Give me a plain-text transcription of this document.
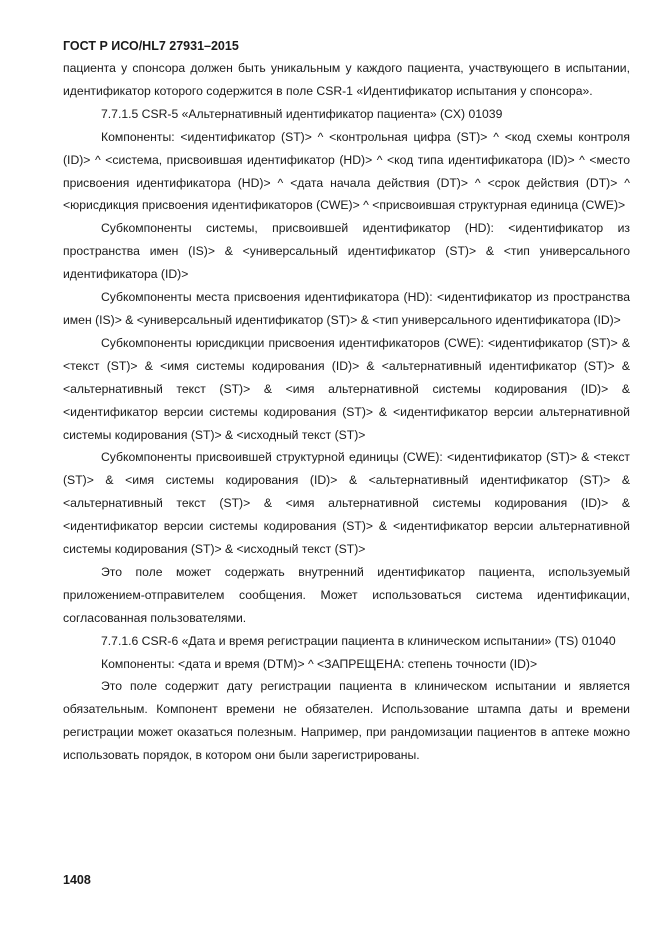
ГОСТ Р ИСО/HL7 27931–2015

пациента у спонсора должен быть уникальным у каждого пациента, участвующего в испытании, идентификатор которого содержится в поле CSR-1 «Идентификатор испытания у спонсора».

7.7.1.5 CSR-5 «Альтернативный идентификатор пациента» (CX) 01039

Компоненты: <идентификатор (ST)> ^ <контрольная цифра (ST)> ^ <код схемы контроля (ID)> ^ <система, присвоившая идентификатор (HD)> ^ <код типа идентификатора (ID)> ^ <место присвоения идентификатора (HD)> ^ <дата начала действия (DT)> ^ <срок действия (DT)> ^ <юрисдикция присвоения идентификаторов (CWE)> ^ <присвоившая структурная единица (CWE)>

Субкомпоненты системы, присвоившей идентификатор (HD): <идентификатор из пространства имен (IS)> & <универсальный идентификатор (ST)> & <тип универсального идентификатора (ID)>

Субкомпоненты места присвоения идентификатора (HD): <идентификатор из пространства имен (IS)> & <универсальный идентификатор (ST)> & <тип универсального идентификатора (ID)>

Субкомпоненты юрисдикции присвоения идентификаторов (CWE): <идентификатор (ST)> & <текст (ST)> & <имя системы кодирования (ID)> & <альтернативный идентификатор (ST)> & <альтернативный текст (ST)> & <имя альтернативной системы кодирования (ID)> & <идентификатор версии системы кодирования (ST)> & <идентификатор версии альтернативной системы кодирования (ST)> & <исходный текст (ST)>

Субкомпоненты присвоившей структурной единицы (CWE): <идентификатор (ST)> & <текст (ST)> & <имя системы кодирования (ID)> & <альтернативный идентификатор (ST)> & <альтернативный текст (ST)> & <имя альтернативной системы кодирования (ID)> & <идентификатор версии системы кодирования (ST)> & <идентификатор версии альтернативной системы кодирования (ST)> & <исходный текст (ST)>

Это поле может содержать внутренний идентификатор пациента, используемый приложением-отправителем сообщения. Может использоваться система идентификации, согласованная пользователями.

7.7.1.6 CSR-6 «Дата и время регистрации пациента в клиническом испытании» (TS) 01040

Компоненты: <дата и время (DTM)> ^ <ЗАПРЕЩЕНА: степень точности (ID)>

Это поле содержит дату регистрации пациента в клиническом испытании и является обязательным. Компонент времени не обязателен. Использование штампа даты и времени регистрации может оказаться полезным. Например, при рандомизации пациентов в аптеке можно использовать порядок, в котором они были зарегистрированы.

1408
